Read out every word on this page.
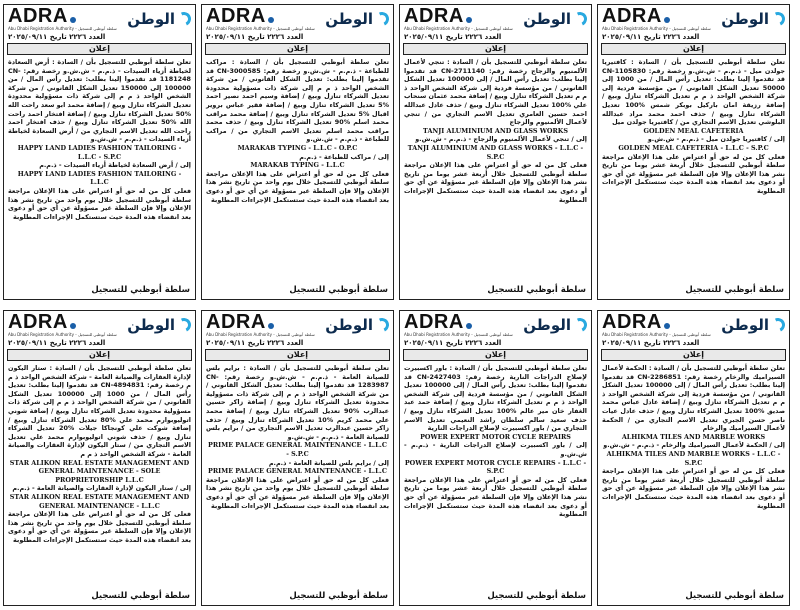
ADRA
Abu Dhabi Registration Authority - سلطة أبوظبي للتسجيل
الوطن
العدد ٢٢٢٦ تاريخ ٢٠٢٥/٠٩/١١
إعلان

تعلن سلطة أبوظبي للتسجيل بأن / السادة : أرض السعادة لخياطة أزياء السيدات - ذ.م.م - ش.ش.و رخصة رقم: CN-1181248 قد تقدموا إلينا بطلب: تعديل رأس المال / من 100000 إلى 150000 تعديل الشكل القانوني / من شركة الشخص الواحد ذ م م إلى شركة ذات مسؤولية محدودة تعديل الشركاء تنازل وبيع / إضافة محمد ابو سعد راحت الله %50 تعديل الشركاء تنازل وبيع / إضافة افتخار احمد راحت الله %50 تعديل الشركاء تنازل وبيع / حذف افتخار احمد راحت الله تعديل الاسم التجاري من / أرض السعادة لخياطة أزياء السيدات - ذ.م.م - ش.ش.و

HAPPY LAND LADIES FASHION TAILORING - L.L.C - S.P.C

إلى / أرض السعادة لخياطة أزياء السيدات - ذ.م.م

HAPPY LAND LADIES FASHION TAILORING - L.L.C

فعلى كل من له حق أو اعتراض على هذا الإعلان مراجعة سلطة أبوظبي للتسجيل خلال يوم واحد من تاريخ نشر هذا الإعلان وإلا فإن السلطة غير مسؤولة عن أي حق أو دعوى بعد انقضاء هذه المدة حيث ستستكمل الإجراءات المطلوبة

سلطة أبوظبي للتسجيل
ADRA
Abu Dhabi Registration Authority - سلطة أبوظبي للتسجيل
الوطن
العدد ٢٢٢٦ تاريخ ٢٠٢٥/٠٩/١١
إعلان

تعلن سلطة أبوظبي للتسجيل بأن / السادة : مراكب للطباعة - ذ.م.م - ش.ش.و رخصة رقم: CN-3000585 قد تقدموا إلينا بطلب: تعديل الشكل القانوني / من شركة الشخص الواحد ذ م م إلى شركة ذات مسؤولية محدودة تعديل الشركاء تنازل وبيع / إضافة وسيم احمد نصير احمد %5 تعديل الشركاء تنازل وبيع / إضافة فقير عباس بروير اقبال %5 تعديل الشركاء تنازل وبيع / إضافة محمد مراقب محمد اسلم %90 تعديل الشركاء تنازل وبيع / حذف محمد مراقب محمد اسلم تعديل الاسم التجاري من / مراكب للطباعة - ذ.م.م - ش.ش.و

MARAKAB TYPING - L.L.C - O.P.C

إلى / مراكب للطباعة - ذ.م.م

MARAKAB TYPING - L.L.C

فعلى كل من له حق أو اعتراض على هذا الإعلان مراجعة سلطة أبوظبي للتسجيل خلال يوم واحد من تاريخ نشر هذا الإعلان وإلا فإن السلطة غير مسؤولة عن أي حق أو دعوى بعد انقضاء هذه المدة حيث ستستكمل الإجراءات المطلوبة

سلطة أبوظبي للتسجيل
ADRA
Abu Dhabi Registration Authority - سلطة أبوظبي للتسجيل
الوطن
العدد ٢٢٢٦ تاريخ ٢٠٢٥/٠٩/١١
إعلان

تعلن سلطة أبوظبي للتسجيل بأن / السادة : تنجي لأعمال الألمنيوم والزجاج رخصة رقم: CN-2711140 قد تقدموا إلينا بطلب: تعديل رأس المال / إلى 100000 تعديل الشكل القانوني / من مؤسسة فردية إلى شركة الشخص الواحد ذ م م تعديل الشركاء تنازل وبيع / إضافة محمد عثمان سنحاب علي %100 تعديل الشركاء تنازل وبيع / حذف عادل عبدالله احمد حسين العامري تعديل الاسم التجاري من / تنجي لأعمال الألمنيوم والزجاج

TANJI ALUMINIUM AND GLASS WORKS

إلى / تنجي لأعمال الألمنيوم والزجاج - ذ.م.م - ش.ش.و

TANJI ALUMINIUM AND GLASS WORKS - L.L.C - S.P.C

فعلى كل من له حق أو اعتراض على هذا الإعلان مراجعة سلطة أبوظبي للتسجيل خلال أربعة عشر يوما من تاريخ نشر هذا الإعلان وإلا فإن السلطة غير مسؤولة عن أي حق أو دعوى بعد انقضاء هذه المدة حيث ستستكمل الإجراءات المطلوبة

سلطة أبوظبي للتسجيل
ADRA
Abu Dhabi Registration Authority - سلطة أبوظبي للتسجيل
الوطن
العدد ٢٢٢٦ تاريخ ٢٠٢٥/٠٩/١١
إعلان

تعلن سلطة أبوظبي للتسجيل بأن / السادة : كافتيريا جولدن ميل - ذ.م.م - ش.ش.و رخصة رقم: CN-1105830 قد تقدموا إلينا بطلب: تعديل رأس المال / من 1000 إلى 50000 تعديل الشكل القانوني / من مؤسسة فردية إلى شركة الشخص الواحد ذ م م تعديل الشركاء تنازل وبيع / إضافة رزيقة امان باركيل بوبكر شمس %100 تعديل الشركاء تنازل وبيع / حذف احمد محمد مراد عبدالله البلوشي تعديل الاسم التجاري من / كافتيريا جولدن ميل

GOLDEN MEAL CAFETERIA

إلى / كافتيريا جولدن ميل - ذ.م.م - ش.ش.و

GOLDEN MEAL CAFETERIA - L.L.C - S.P.C

فعلى كل من له حق أو اعتراض على هذا الإعلان مراجعة سلطة أبوظبي للتسجيل خلال أربعة عشر يوما من تاريخ نشر هذا الإعلان وإلا فإن السلطة غير مسؤولة عن أي حق أو دعوى بعد انقضاء هذه المدة حيث ستستكمل الإجراءات المطلوبة

سلطة أبوظبي للتسجيل
ADRA
Abu Dhabi Registration Authority - سلطة أبوظبي للتسجيل
الوطن
العدد ٢٢٢٦ تاريخ ٢٠٢٥/٠٩/١١
إعلان

تعلن سلطة أبوظبي للتسجيل بأن / السادة : ستار اليكون لإدارة العقارات والصيانة العامة - شركة الشخص الواحد ذ م م رخصة رقم: CN-4894831 قد تقدموا إلينا بطلب: تعديل رأس المال / من 1000 إلى 100000 تعديل الشكل القانوني / من شركة الشخص الواحد ذ م م إلى شركة ذات مسؤولية محدودة تعديل الشركاء تنازل وبيع / إضافة شوني اتوليوبوارم محمد علي %80 تعديل الشركاء تنازل وبيع / إضافة شوكت علي كونجاكا جيلات %20 تعديل الشركاء تنازل وبيع / حذف شوني اتوليوبوارم محمد علي تعديل الاسم التجاري من / ستار اليكون لإدارة العقارات والصيانة العامة - شركة الشخص الواحد ذ م م

STAR ALIKON REAL ESTATE MANAGEMENT AND GENERAL MAINTENANCE - SOLE PROPRIETORSHIP L.L.C

إلى / ستار اليكون لإدارة العقارات والصيانة العامة - ذ.م.م

STAR ALIKON REAL ESTATE MANAGEMENT AND GENERAL MAINTENANCE - L.L.C

فعلى كل من له حق أو اعتراض على هذا الإعلان مراجعة سلطة أبوظبي للتسجيل خلال يوم واحد من تاريخ نشر هذا الإعلان وإلا فإن السلطة غير مسؤولة عن أي حق أو دعوى بعد انقضاء هذه المدة حيث ستستكمل الإجراءات المطلوبة

سلطة أبوظبي للتسجيل
ADRA
Abu Dhabi Registration Authority - سلطة أبوظبي للتسجيل
الوطن
العدد ٢٢٢٦ تاريخ ٢٠٢٥/٠٩/١١
إعلان

تعلن سلطة أبوظبي للتسجيل بأن / السادة : برايم بلس للصيانة العامة - ذ.م.م - ش.ش.و رخصة رقم: CN-1283987 قد تقدموا إلينا بطلب: تعديل الشكل القانوني / من شركة الشخص الواحد ذ م م إلى شركة ذات مسؤولية محدودة تعديل الشركاء تنازل وبيع / إضافة زاكر حسين عبدالرب %90 تعديل الشركاء تنازل وبيع / إضافة محمد علي محمد كريم %10 تعديل الشركاء تنازل وبيع / حذف زاكر حسين عبدالرب تعديل الاسم التجاري من / برايم بلس للصيانة العامة - ذ.م.م - ش.ش.و

PRIME PALACE GENERAL MAINTENANCE - L.L.C - S.P.C

إلى / برايم بلس للصيانة العامة - ذ.م.م

PRIME PALACE GENERAL MAINTENANCE - L.L.C

فعلى كل من له حق أو اعتراض على هذا الإعلان مراجعة سلطة أبوظبي للتسجيل خلال يوم واحد من تاريخ نشر هذا الإعلان وإلا فإن السلطة غير مسؤولة عن أي حق أو دعوى بعد انقضاء هذه المدة حيث ستستكمل الإجراءات المطلوبة

سلطة أبوظبي للتسجيل
ADRA
Abu Dhabi Registration Authority - سلطة أبوظبي للتسجيل
الوطن
العدد ٢٢٢٦ تاريخ ٢٠٢٥/٠٩/١١
إعلان

تعلن سلطة أبوظبي للتسجيل بأن / السادة : باور اكسبيرت لإصلاح الدراجات النارية رخصة رقم: CN-2427403 قد تقدموا إلينا بطلب: تعديل رأس المال / إلى 100000 تعديل الشكل القانوني / من مؤسسة فردية إلى شركة الشخص الواحد ذ م م تعديل الشركاء تنازل وبيع / إضافة حمد عبد الغفار خان مير عالم %100 تعديل الشركاء تنازل وبيع / حذف سعيد سالم سلطان راشد النعيمي تعديل الاسم التجاري من / باور اكسبيرت لإصلاح الدراجات النارية

POWER EXPERT MOTOR CYCLE REPAIRS

إلى / باور اكسبيرت لإصلاح الدراجات النارية - ذ.م.م - ش.ش.و

POWER EXPERT MOTOR CYCLE REPAIRS - L.L.C - S.P.C

فعلى كل من له حق أو اعتراض على هذا الإعلان مراجعة سلطة أبوظبي للتسجيل خلال أربعة عشر يوما من تاريخ نشر هذا الإعلان وإلا فإن السلطة غير مسؤولة عن أي حق أو دعوى بعد انقضاء هذه المدة حيث ستستكمل الإجراءات المطلوبة

سلطة أبوظبي للتسجيل
ADRA
Abu Dhabi Registration Authority - سلطة أبوظبي للتسجيل
الوطن
العدد ٢٢٢٦ تاريخ ٢٠٢٥/٠٩/١١
إعلان

تعلن سلطة أبوظبي للتسجيل بأن / السادة : الحكمة لأعمال السيراميك والرخام رخصة رقم: CN-2286851 قد تقدموا إلينا بطلب: تعديل رأس المال / إلى 100000 تعديل الشكل القانوني / من مؤسسة فردية إلى شركة الشخص الواحد ذ م م تعديل الشركاء تنازل وبيع / إضافة عادل عباس محمد صديق %100 تعديل الشركاء تنازل وبيع / حذف عادل عيات ناصر حسن الجبري تعديل الاسم التجاري من / الحكمة لأعمال السيراميك والرخام

ALHIKMA TILES AND MARBLE WORKS

إلى / الحكمة لأعمال السيراميك والرخام - ذ.م.م - ش.ش.و

ALHIKMA TILES AND MARBLE WORKS - L.L.C - S.P.C

فعلى كل من له حق أو اعتراض على هذا الإعلان مراجعة سلطة أبوظبي للتسجيل خلال أربعة عشر يوما من تاريخ نشر هذا الإعلان وإلا فإن السلطة غير مسؤولة عن أي حق أو دعوى بعد انقضاء هذه المدة حيث ستستكمل الإجراءات المطلوبة

سلطة أبوظبي للتسجيل
